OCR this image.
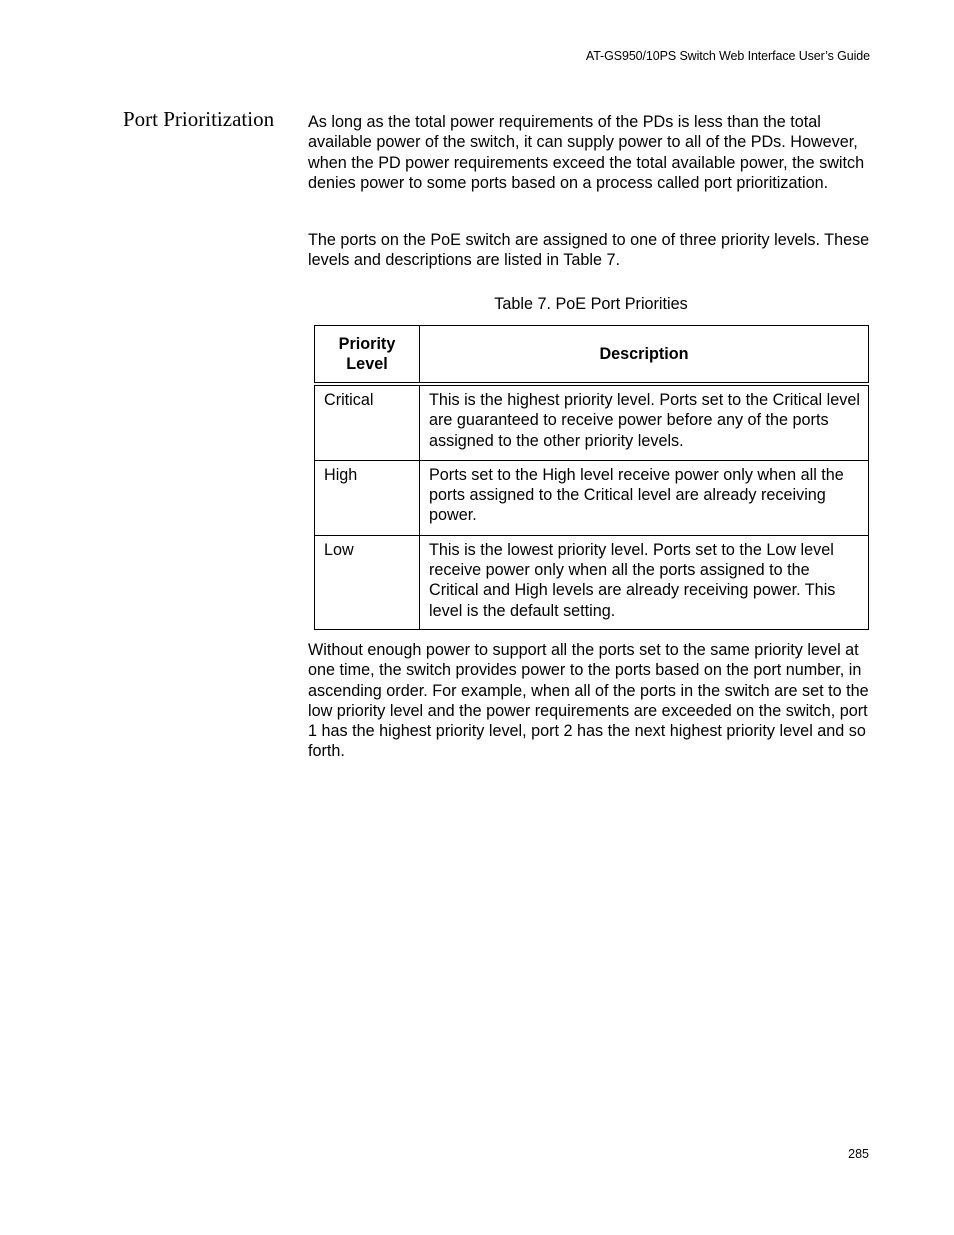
AT-GS950/10PS Switch Web Interface User’s Guide
Port Prioritization As long as the total power requirements of the PDs is less than the total available power of the switch, it can supply power to all of the PDs. However, when the PD power requirements exceed the total available power, the switch denies power to some ports based on a process called port prioritization.

The ports on the PoE switch are assigned to one of three priority levels. These levels and descriptions are listed in Table 7.

Table 7. PoE Port Priorities
Priority
Level	Description
Critical	This is the highest priority level. Ports set to the Critical level are guaranteed to receive power before any of the ports assigned to the other priority levels.
High	Ports set to the High level receive power only when all the ports assigned to the Critical level are already receiving power.
Low	This is the lowest priority level. Ports set to the Low level receive power only when all the ports assigned to the Critical and High levels are already receiving power. This level is the default setting.

Without enough power to support all the ports set to the same priority level at one time, the switch provides power to the ports based on the port number, in ascending order. For example, when all of the ports in the switch are set to the low priority level and the power requirements are exceeded on the switch, port 1 has the highest priority level, port 2 has the next highest priority level and so forth.

285
